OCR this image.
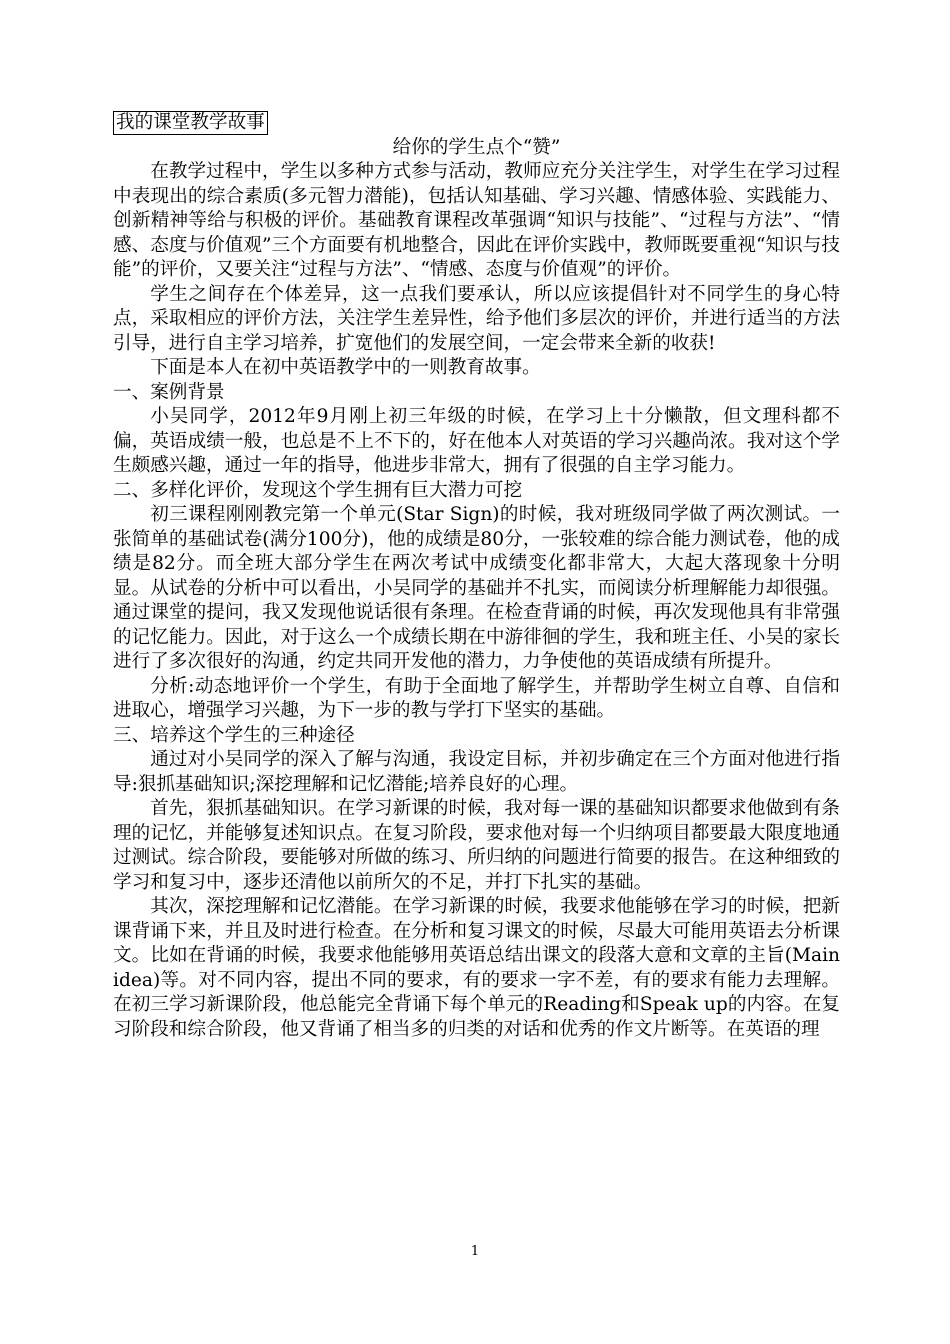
我的课堂教学故事

给你的学生点个“赞”

在教学过程中，学生以多种方式参与活动，教师应充分关注学生，对学生在学习过程中表现出的综合素质(多元智力潜能)，包括认知基础、学习兴趣、情感体验、实践能力、创新精神等给与积极的评价。基础教育课程改革强调“知识与技能”、“过程与方法”、“情感、态度与价值观”三个方面要有机地整合，因此在评价实践中，教师既要重视“知识与技能”的评价，又要关注“过程与方法”、“情感、态度与价值观”的评价。

学生之间存在个体差异，这一点我们要承认，所以应该提倡针对不同学生的身心特点，采取相应的评价方法，关注学生差异性，给予他们多层次的评价，并进行适当的方法引导，进行自主学习培养，扩宽他们的发展空间，一定会带来全新的收获!

下面是本人在初中英语教学中的一则教育故事。

一、案例背景

小吴同学，2012年9月刚上初三年级的时候，在学习上十分懒散，但文理科都不偏，英语成绩一般，也总是不上不下的，好在他本人对英语的学习兴趣尚浓。我对这个学生颇感兴趣，通过一年的指导，他进步非常大，拥有了很强的自主学习能力。

二、多样化评价，发现这个学生拥有巨大潜力可挖

初三课程刚刚教完第一个单元(Star Sign)的时候，我对班级同学做了两次测试。一张简单的基础试卷(满分100分)，他的成绩是80分，一张较难的综合能力测试卷，他的成绩是82分。而全班大部分学生在两次考试中成绩变化都非常大，大起大落现象十分明显。从试卷的分析中可以看出，小吴同学的基础并不扎实，而阅读分析理解能力却很强。通过课堂的提问，我又发现他说话很有条理。在检查背诵的时候，再次发现他具有非常强的记忆能力。因此，对于这么一个成绩长期在中游徘徊的学生，我和班主任、小吴的家长进行了多次很好的沟通，约定共同开发他的潜力，力争使他的英语成绩有所提升。

分析:动态地评价一个学生，有助于全面地了解学生，并帮助学生树立自尊、自信和进取心，增强学习兴趣，为下一步的教与学打下坚实的基础。

三、培养这个学生的三种途径

通过对小吴同学的深入了解与沟通，我设定目标，并初步确定在三个方面对他进行指导:狠抓基础知识;深挖理解和记忆潜能;培养良好的心理。

首先，狠抓基础知识。在学习新课的时候，我对每一课的基础知识都要求他做到有条理的记忆，并能够复述知识点。在复习阶段，要求他对每一个归纳项目都要最大限度地通过测试。综合阶段，要能够对所做的练习、所归纳的问题进行简要的报告。在这种细致的学习和复习中，逐步还清他以前所欠的不足，并打下扎实的基础。

其次，深挖理解和记忆潜能。在学习新课的时候，我要求他能够在学习的时候，把新课背诵下来，并且及时进行检查。在分析和复习课文的时候，尽最大可能用英语去分析课文。比如在背诵的时候，我要求他能够用英语总结出课文的段落大意和文章的主旨(Main idea)等。对不同内容，提出不同的要求，有的要求一字不差，有的要求有能力去理解。在初三学习新课阶段，他总能完全背诵下每个单元的Reading和Speak up的内容。在复习阶段和综合阶段，他又背诵了相当多的归类的对话和优秀的作文片断等。在英语的理

1
